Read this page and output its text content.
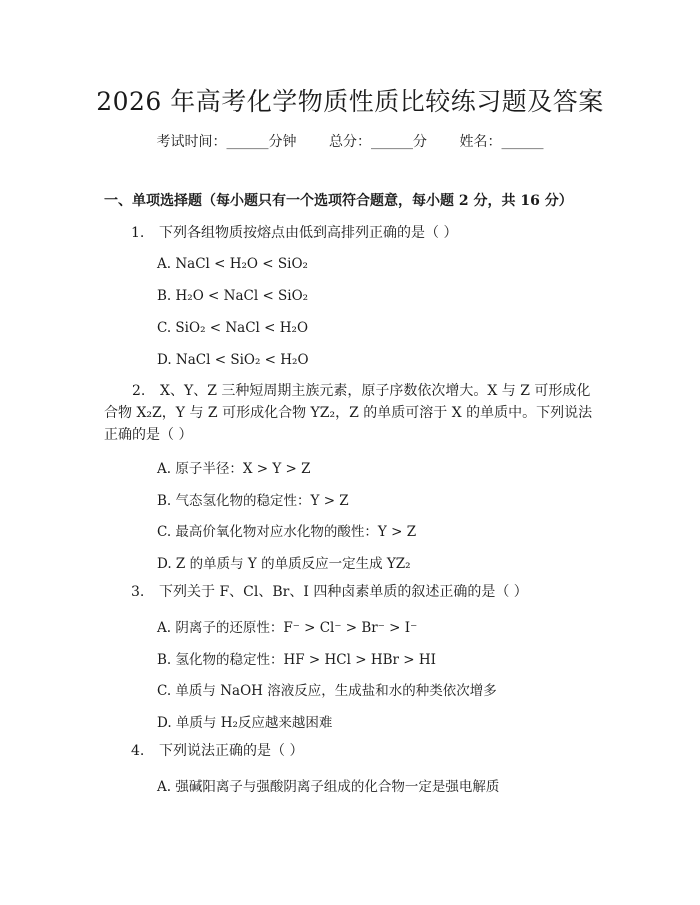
2026 年高考化学物质性质比较练习题及答案
考试时间：______分钟 总分：______分 姓名：______
一、单项选择题（每小题只有一个选项符合题意，每小题 2 分，共 16 分）
1. 下列各组物质按熔点由低到高排列正确的是（ ）
A. NaCl < H₂O < SiO₂
B. H₂O < NaCl < SiO₂
C. SiO₂ < NaCl < H₂O
D. NaCl < SiO₂ < H₂O
2. X、Y、Z 三种短周期主族元素，原子序数依次增大。X 与 Z 可形成化合物 X₂Z，Y 与 Z 可形成化合物 YZ₂，Z 的单质可溶于 X 的单质中。下列说法正确的是（ ）
A. 原子半径：X > Y > Z
B. 气态氢化物的稳定性：Y > Z
C. 最高价氧化物对应水化物的酸性：Y > Z
D. Z 的单质与 Y 的单质反应一定生成 YZ₂
3. 下列关于 F、Cl、Br、I 四种卤素单质的叙述正确的是（ ）
A. 阴离子的还原性：F⁻ > Cl⁻ > Br⁻ > I⁻
B. 氢化物的稳定性：HF > HCl > HBr > HI
C. 单质与 NaOH 溶液反应，生成盐和水的种类依次增多
D. 单质与 H₂反应越来越困难
4. 下列说法正确的是（ ）
A. 强碱阳离子与强酸阴离子组成的化合物一定是强电解质
